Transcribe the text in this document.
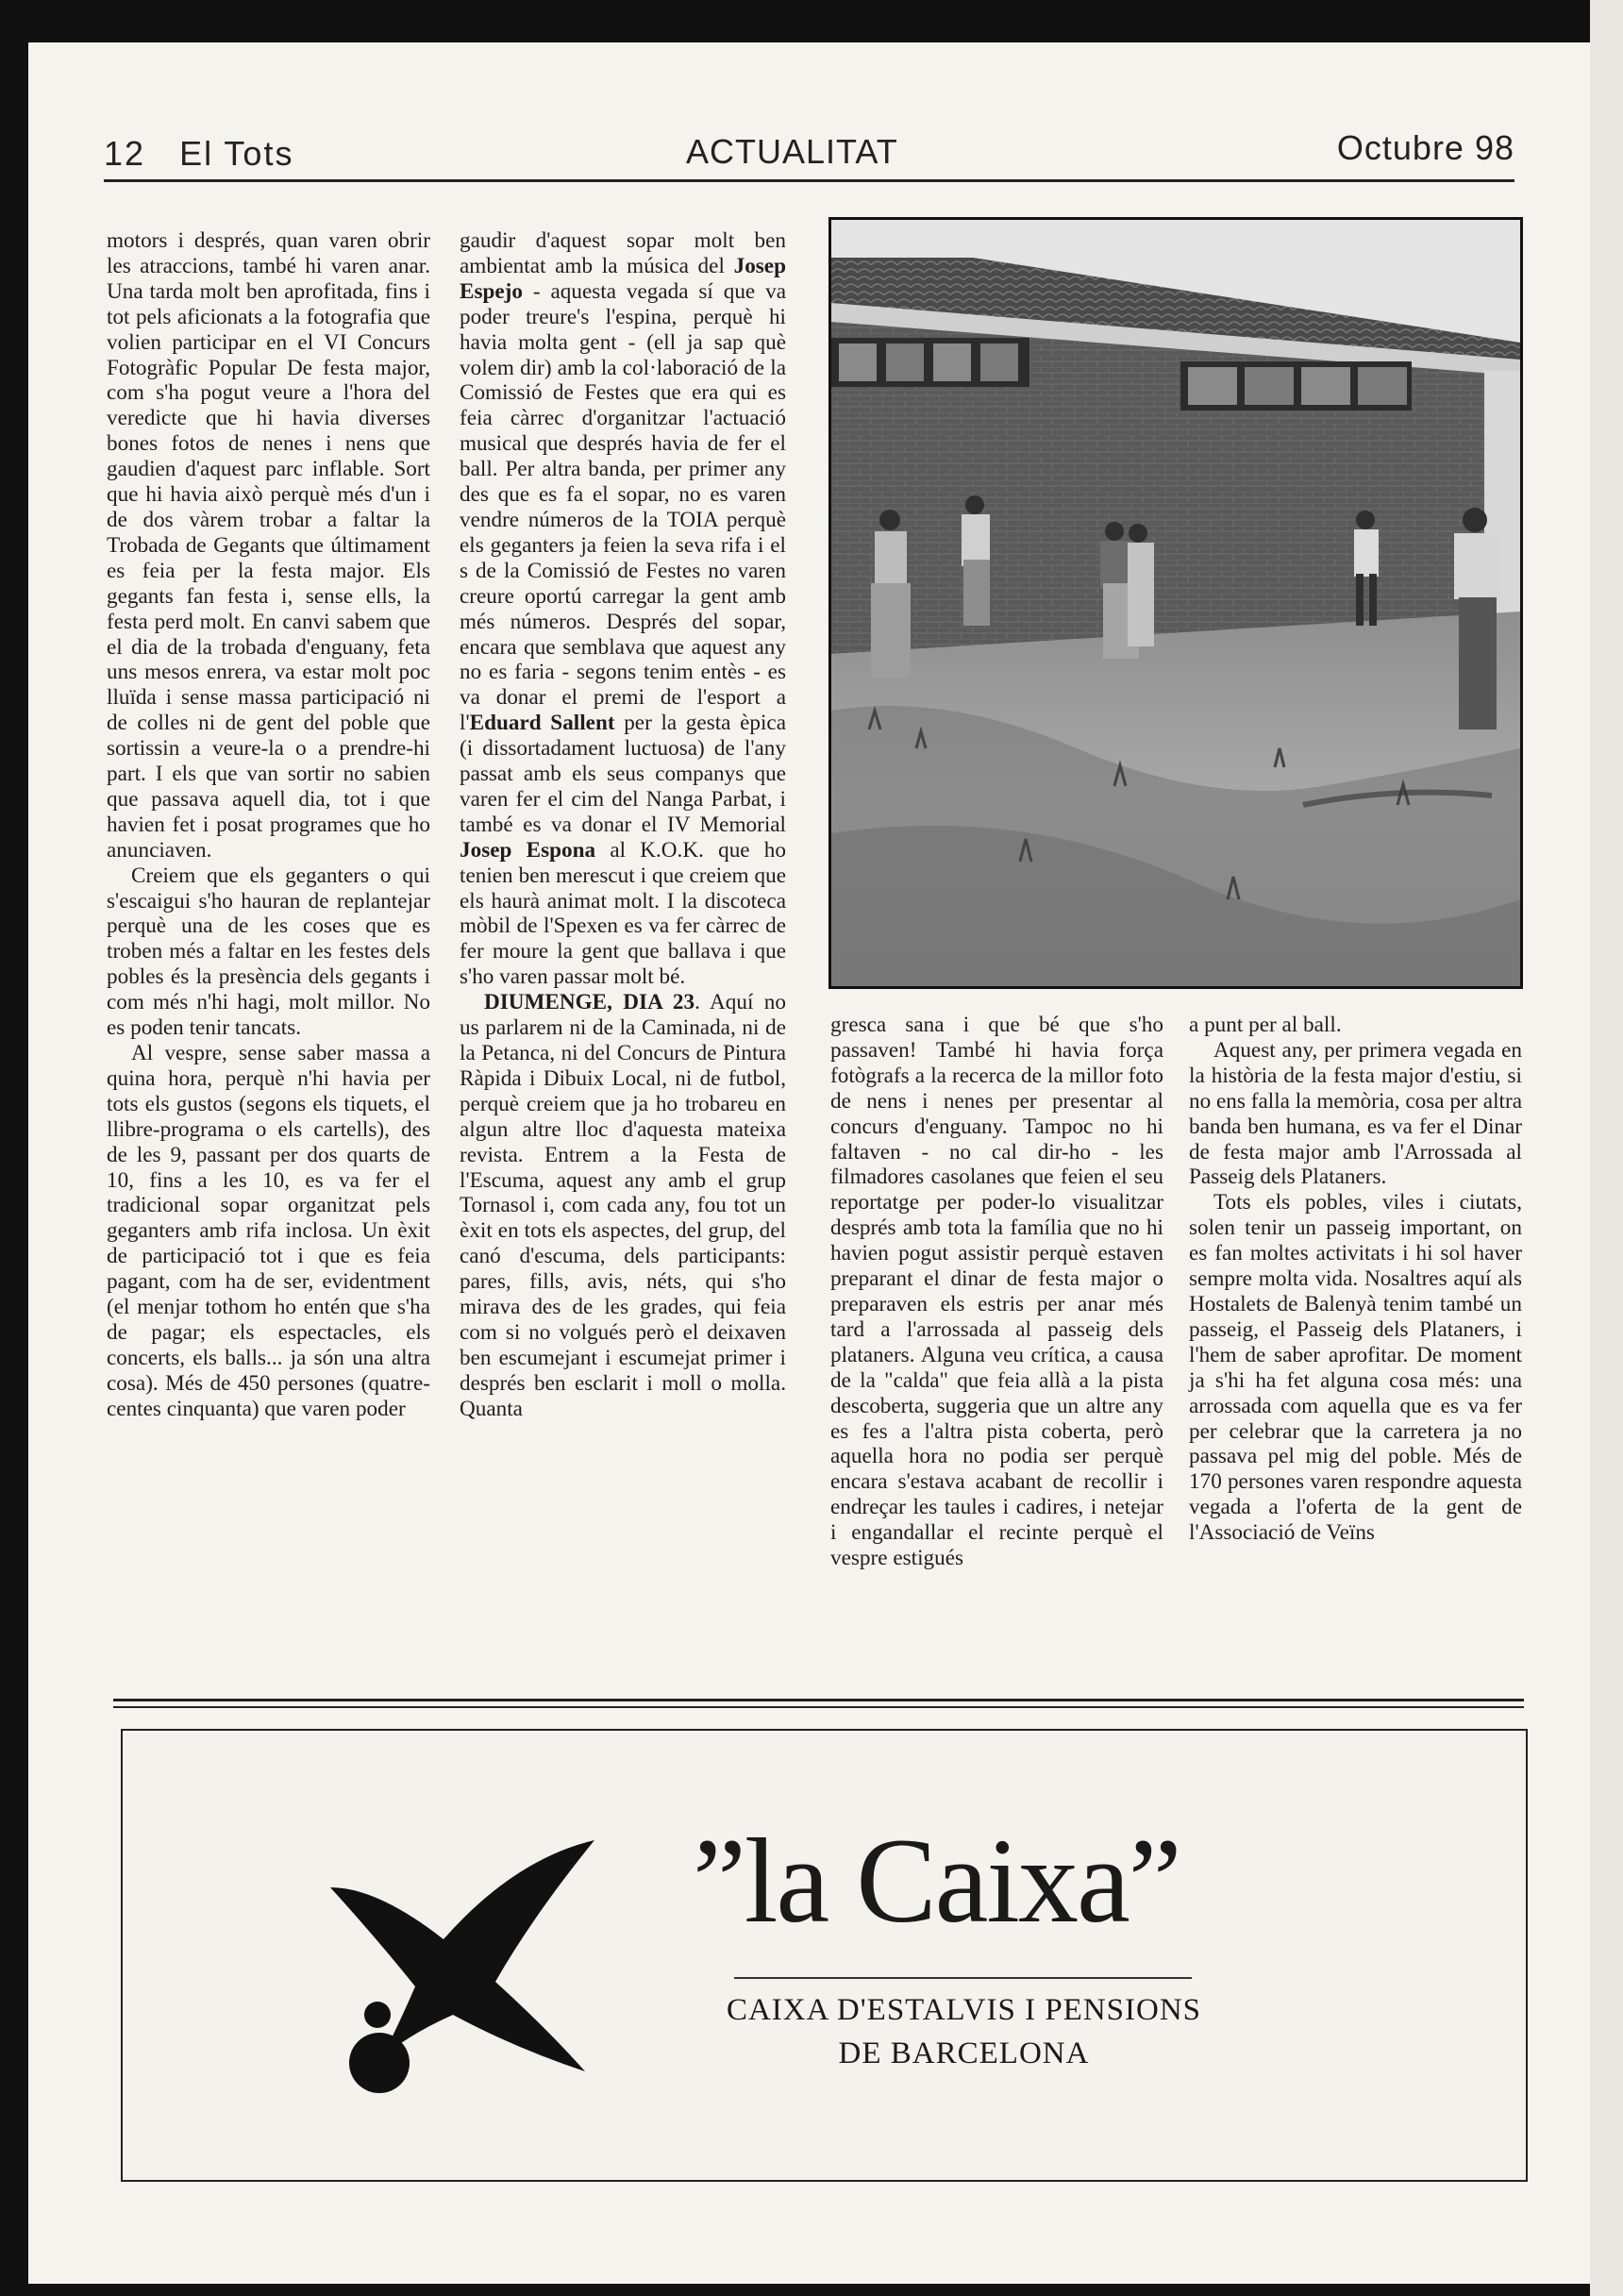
12 El Tots	ACTUALITAT	Octubre 98

motors i després, quan varen obrir les atraccions, també hi varen anar. Una tarda molt ben aprofitada, fins i tot pels aficionats a la fotografia que volien participar en el VI Concurs Fotogràfic Popular De festa major, com s'ha pogut veure a l'hora del veredicte que hi havia diverses bones fotos de nenes i nens que gaudien d'aquest parc inflable. Sort que hi havia això perquè més d'un i de dos vàrem trobar a faltar la Trobada de Gegants que últimament es feia per la festa major. Els gegants fan festa i, sense ells, la festa perd molt. En canvi sabem que el dia de la trobada d'enguany, feta uns mesos enrera, va estar molt poc lluïda i sense massa participació ni de colles ni de gent del poble que sortissin a veure-la o a prendre-hi part. I els que van sortir no sabien que passava aquell dia, tot i que havien fet i posat programes que ho anunciaven.

Creiem que els geganters o qui s'escaigui s'ho hauran de replantejar perquè una de les coses que es troben més a faltar en les festes dels pobles és la presència dels gegants i com més n'hi hagi, molt millor. No es poden tenir tancats.

Al vespre, sense saber massa a quina hora, perquè n'hi havia per tots els gustos (segons els tiquets, el llibre-programa o els cartells), des de les 9, passant per dos quarts de 10, fins a les 10, es va fer el tradicional sopar organitzat pels geganters amb rifa inclosa. Un èxit de participació tot i que es feia pagant, com ha de ser, evidentment (el menjar tothom ho entén que s'ha de pagar; els espectacles, els concerts, els balls... ja són una altra cosa). Més de 450 persones (quatre-centes cinquanta) que varen poder

gaudir d'aquest sopar molt ben ambientat amb la música del Josep Espejo - aquesta vegada sí que va poder treure's l'espina, perquè hi havia molta gent - (ell ja sap què volem dir) amb la col·laboració de la Comissió de Festes que era qui es feia càrrec d'organitzar l'actuació musical que després havia de fer el ball. Per altra banda, per primer any des que es fa el sopar, no es varen vendre números de la TOIA perquè els geganters ja feien la seva rifa i el s de la Comissió de Festes no varen creure oportú carregar la gent amb més números. Després del sopar, encara que semblava que aquest any no es faria - segons tenim entès - es va donar el premi de l'esport a l'Eduard Sallent per la gesta èpica (i dissortadament luctuosa) de l'any passat amb els seus companys que varen fer el cim del Nanga Parbat, i també es va donar el IV Memorial Josep Espona al K.O.K. que ho tenien ben merescut i que creiem que els haurà animat molt. I la discoteca mòbil de l'Spexen es va fer càrrec de fer moure la gent que ballava i que s'ho varen passar molt bé.

DIUMENGE, DIA 23. Aquí no us parlarem ni de la Caminada, ni de la Petanca, ni del Concurs de Pintura Ràpida i Dibuix Local, ni de futbol, perquè creiem que ja ho trobareu en algun altre lloc d'aquesta mateixa revista. Entrem a la Festa de l'Escuma, aquest any amb el grup Tornasol i, com cada any, fou tot un èxit en tots els aspectes, del grup, del canó d'escuma, dels participants: pares, fills, avis, néts, qui s'ho mirava des de les grades, qui feia com si no volgués però el deixaven ben escumejant i escumejat primer i després ben esclarit i moll o molla. Quanta

gresca sana i que bé que s'ho passaven! També hi havia força fotògrafs a la recerca de la millor foto de nens i nenes per presentar al concurs d'enguany. Tampoc no hi faltaven - no cal dir-ho - les filmadores casolanes que feien el seu reportatge per poder-lo visualitzar després amb tota la família que no hi havien pogut assistir perquè estaven preparant el dinar de festa major o preparaven els estris per anar més tard a l'arrossada al passeig dels plataners. Alguna veu crítica, a causa de la "calda" que feia allà a la pista descoberta, suggeria que un altre any es fes a l'altra pista coberta, però aquella hora no podia ser perquè encara s'estava acabant de recollir i endreçar les taules i cadires, i netejar i engandallar el recinte perquè el vespre estigués

a punt per al ball.

Aquest any, per primera vegada en la història de la festa major d'estiu, si no ens falla la memòria, cosa per altra banda ben humana, es va fer el Dinar de festa major amb l'Arrossada al Passeig dels Plataners.

Tots els pobles, viles i ciutats, solen tenir un passeig important, on es fan moltes activitats i hi sol haver sempre molta vida. Nosaltres aquí als Hostalets de Balenyà tenim també un passeig, el Passeig dels Plataners, i l'hem de saber aprofitar. De moment ja s'hi ha fet alguna cosa més: una arrossada com aquella que es va fer per celebrar que la carretera ja no passava pel mig del poble. Més de 170 persones varen respondre aquesta vegada a l'oferta de la gent de l'Associació de Veïns

”la Caixa”
CAIXA D'ESTALVIS I PENSIONS
DE BARCELONA
